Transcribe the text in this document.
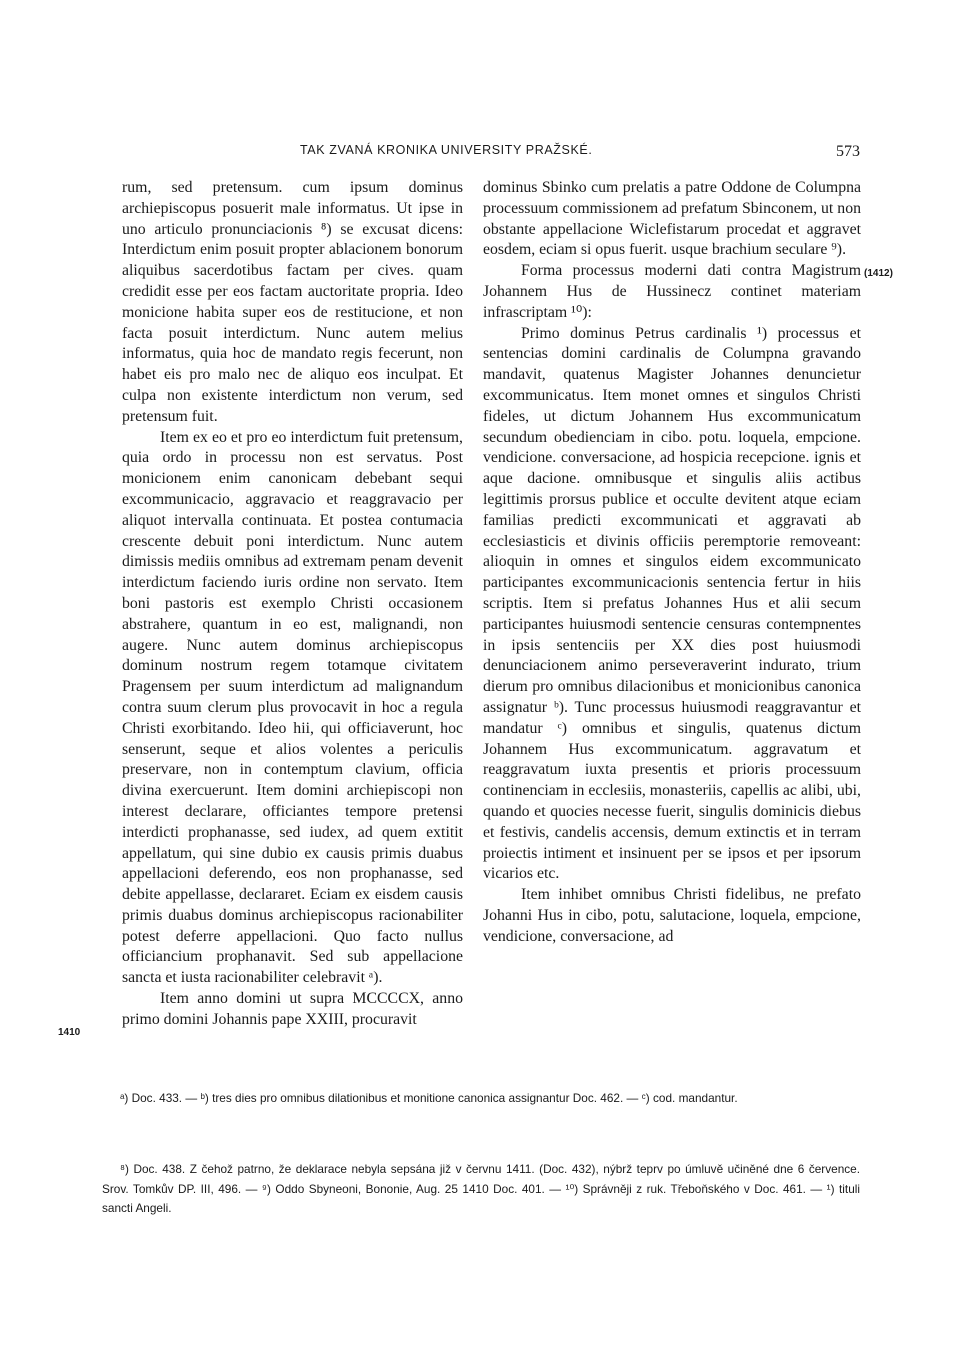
TAK ZVANÁ KRONIKA UNIVERSITY PRAŽSKÉ.	573

rum, sed pretensum. cum ipsum dominus archiepiscopus posuerit male informatus. Ut ipse in uno articulo pronunciacionis ⁸) se excusat dicens: Interdictum enim posuit propter ablacionem bonorum aliquibus sacerdotibus factam per cives. quam credidit esse per eos factam auctoritate propria. Ideo monicione habita super eos de restitucione, et non facta posuit interdictum. Nunc autem melius informatus, quia hoc de mandato regis fecerunt, non habet eis pro malo nec de aliquo eos inculpat. Et culpa non existente interdictum non verum, sed pretensum fuit.

Item ex eo et pro eo interdictum fuit pretensum, quia ordo in processu non est servatus. Post monicionem enim canonicam debebant sequi excommunicacio, aggravacio et reaggravacio per aliquot intervalla continuata. Et postea contumacia crescente debuit poni interdictum. Nunc autem dimissis mediis omnibus ad extremam penam devenit interdictum faciendo iuris ordine non servato. Item boni pastoris est exemplo Christi occasionem abstrahere, quantum in eo est, malignandi, non augere. Nunc autem dominus archiepiscopus dominum nostrum regem totamque civitatem Pragensem per suum interdictum ad malignandum contra suum clerum plus provocavit in hoc a regula Christi exorbitando. Ideo hii, qui officiaverunt, hoc senserunt, seque et alios volentes a periculis preservare, non in contemptum clavium, officia divina exercuerunt. Item domini archiepiscopi non interest declarare, officiantes tempore pretensi interdicti prophanasse, sed iudex, ad quem extitit appellatum, qui sine dubio ex causis primis duabus appellacioni deferendo, eos non prophanasse, sed debite appellasse, declararet. Eciam ex eisdem causis primis duabus dominus archiepiscopus racionabiliter potest deferre appellacioni. Quo facto nullus officiancium prophanavit. Sed sub appellacione sancta et iusta racionabiliter celebravit ᵃ).

Item anno domini ut supra MCCCCX, anno primo domini Johannis pape XXIII, procuravit

dominus Sbinko cum prelatis a patre Oddone de Columpna processuum commissionem ad prefatum Sbinconem, ut non obstante appellacione Wiclefistarum procedat et aggravet eosdem, eciam si opus fuerit. usque brachium seculare ⁹).

Forma processus moderni dati contra Magistrum Johannem Hus de Hussinecz continet materiam infrascriptam ¹⁰):

Primo dominus Petrus cardinalis ¹) processus et sentencias domini cardinalis de Columpna gravando mandavit, quatenus Magister Johannes denuncietur excommunicatus. Item monet omnes et singulos Christi fideles, ut dictum Johannem Hus excommunicatum secundum obedienciam in cibo. potu. loquela, empcione. vendicione. conversacione, ad hospicia recepcione. ignis et aque dacione. omnibusque et singulis aliis actibus legittimis prorsus publice et occulte devitent atque eciam familias predicti excommunicati et aggravati ab ecclesiasticis et divinis officiis peremptorie removeant: alioquin in omnes et singulos eidem excommunicato participantes excommunicacionis sentencia fertur in hiis scriptis. Item si prefatus Johannes Hus et alii secum participantes huiusmodi sentencie censuras contempnentes in ipsis sentenciis per XX dies post huiusmodi denunciacionem animo perseveraverint indurato, trium dierum pro omnibus dilacionibus et monicionibus canonica assignatur ᵇ). Tunc processus huiusmodi reaggravantur et mandatur ᶜ) omnibus et singulis, quatenus dictum Johannem Hus excommunicatum. aggravatum et reaggravatum iuxta presentis et prioris processuum continenciam in ecclesiis, monasteriis, capellis ac alibi, ubi, quando et quocies necesse fuerit, singulis dominicis diebus et festivis, candelis accensis, demum extinctis et in terram proiectis intiment et insinuent per se ipsos et per ipsorum vicarios etc.

Item inhibet omnibus Christi fidelibus, ne prefato Johanni Hus in cibo, potu, salutacione, loquela, empcione, vendicione, conversacione, ad

(1412)
1410

ᵃ) Doc. 433. — ᵇ) tres dies pro omnibus dilationibus et monitione canonica assignantur Doc. 462. — ᶜ) cod. mandantur.

⁸) Doc. 438. Z čehož patrno, že deklarace nebyla sepsána již v červnu 1411. (Doc. 432), nýbrž teprv po úmluvě učiněné dne 6 července. Srov. Tomkův DP. III, 496. — ⁹) Oddo Sbyneoni, Bononie, Aug. 25 1410 Doc. 401. — ¹⁰) Správněji z ruk. Třeboňského v Doc. 461. — ¹) tituli sancti Angeli.
